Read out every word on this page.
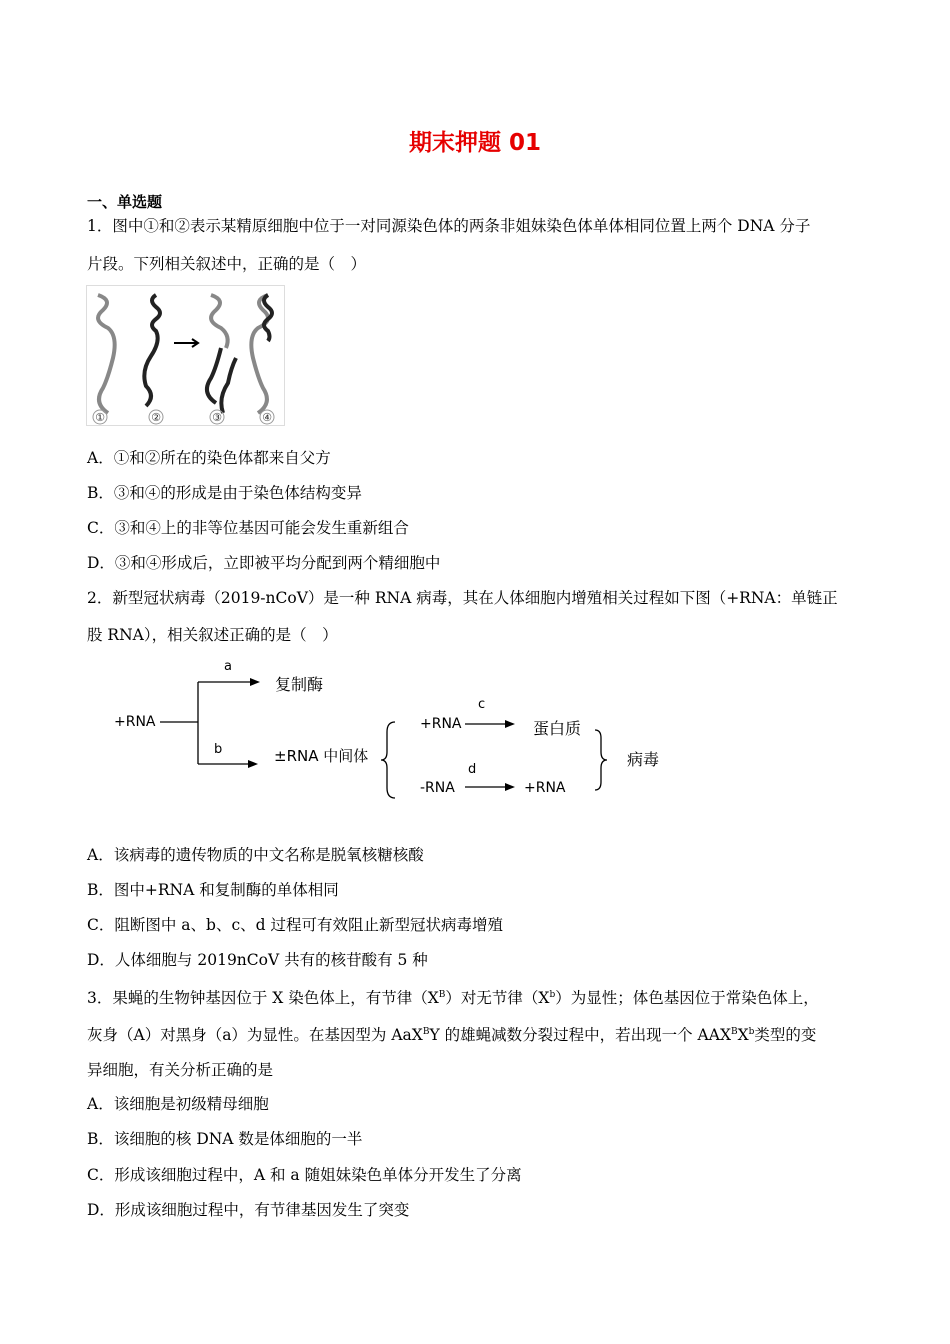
期末押题 01
一、单选题
1．图中①和②表示某精原细胞中位于一对同源染色体的两条非姐妹染色体单体相同位置上两个 DNA 分子
片段。下列相关叙述中，正确的是（　）
①	②	③	④
A．①和②所在的染色体都来自父方
B．③和④的形成是由于染色体结构变异
C．③和④上的非等位基因可能会发生重新组合
D．③和④形成后，立即被平均分配到两个精细胞中
2．新型冠状病毒（2019-nCoV）是一种 RNA 病毒，其在人体细胞内增殖相关过程如下图（+RNA：单链正
股 RNA），相关叙述正确的是（　）
+RNA
a
复制酶
b	±RNA 中间体
+RNA
c
蛋白质
-RNA
d
+RNA
病毒
A．该病毒的遗传物质的中文名称是脱氧核糖核酸
B．图中+RNA 和复制酶的单体相同
C．阻断图中 a、b、c、d 过程可有效阻止新型冠状病毒增殖
D．人体细胞与 2019nCoV 共有的核苷酸有 5 种
3．果蝇的生物钟基因位于 X 染色体上，有节律$(X^B)$对无节律$(X^b)$为显性；体色基因位于常染色体上，
灰身（A）对黑身（a）为显性。在基因型为 AaX$^B$Y 的雄蝇减数分裂过程中，若出现一个 $AAX^BX^b$类型的变
异细胞，有关分析正确的是
A．该细胞是初级精母细胞
B．该细胞的核 DNA 数是体细胞的一半
C．形成该细胞过程中，A 和 a 随姐妹染色单体分开发生了分离
D．形成该细胞过程中，有节律基因发生了突变
